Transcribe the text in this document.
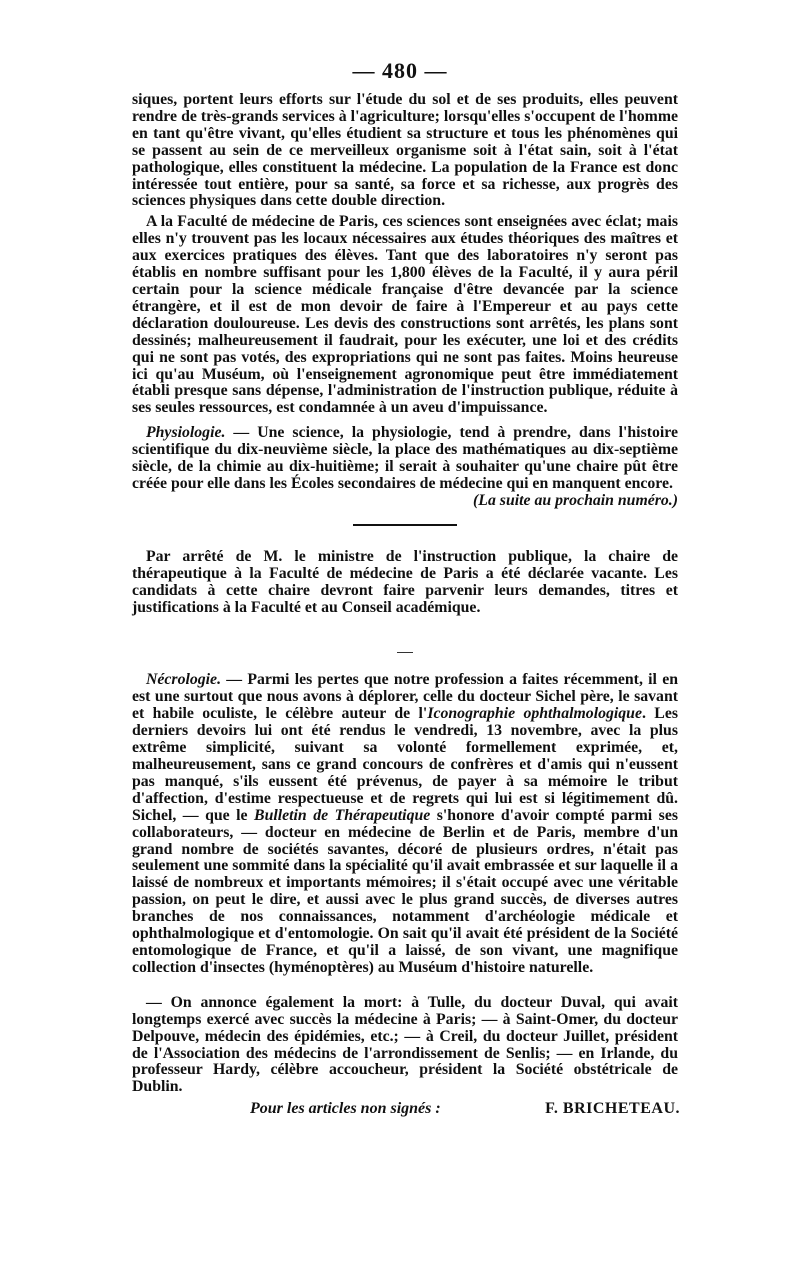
— 480 —

siques, portent leurs efforts sur l'étude du sol et de ses produits, elles peuvent rendre de très-grands services à l'agriculture; lorsqu'elles s'occupent de l'homme en tant qu'être vivant, qu'elles étudient sa structure et tous les phénomènes qui se passent au sein de ce merveilleux organisme soit à l'état sain, soit à l'état pathologique, elles constituent la médecine. La population de la France est donc intéressée tout entière, pour sa santé, sa force et sa richesse, aux progrès des sciences physiques dans cette double direction.

A la Faculté de médecine de Paris, ces sciences sont enseignées avec éclat; mais elles n'y trouvent pas les locaux nécessaires aux études théoriques des maîtres et aux exercices pratiques des élèves. Tant que des laboratoires n'y seront pas établis en nombre suffisant pour les 1,800 élèves de la Faculté, il y aura péril certain pour la science médicale française d'être devancée par la science étrangère, et il est de mon devoir de faire à l'Empereur et au pays cette déclaration douloureuse. Les devis des constructions sont arrêtés, les plans sont dessinés; malheureusement il faudrait, pour les exécuter, une loi et des crédits qui ne sont pas votés, des expropriations qui ne sont pas faites. Moins heureuse ici qu'au Muséum, où l'enseignement agronomique peut être immédiatement établi presque sans dépense, l'administration de l'instruction publique, réduite à ses seules ressources, est condamnée à un aveu d'impuissance.

Physiologie. — Une science, la physiologie, tend à prendre, dans l'histoire scientifique du dix-neuvième siècle, la place des mathématiques au dix-septième siècle, de la chimie au dix-huitième; il serait à souhaiter qu'une chaire pût être créée pour elle dans les Écoles secondaires de médecine qui en manquent encore.
(La suite au prochain numéro.)

Par arrêté de M. le ministre de l'instruction publique, la chaire de thérapeutique à la Faculté de médecine de Paris a été déclarée vacante. Les candidats à cette chaire devront faire parvenir leurs demandes, titres et justifications à la Faculté et au Conseil académique.

Nécrologie. — Parmi les pertes que notre profession a faites récemment, il en est une surtout que nous avons à déplorer, celle du docteur Sichel père, le savant et habile oculiste, le célèbre auteur de l'Iconographie ophthalmologique. Les derniers devoirs lui ont été rendus le vendredi, 13 novembre, avec la plus extrême simplicité, suivant sa volonté formellement exprimée, et, malheureusement, sans ce grand concours de confrères et d'amis qui n'eussent pas manqué, s'ils eussent été prévenus, de payer à sa mémoire le tribut d'affection, d'estime respectueuse et de regrets qui lui est si légitimement dû. Sichel, — que le Bulletin de Thérapeutique s'honore d'avoir compté parmi ses collaborateurs, — docteur en médecine de Berlin et de Paris, membre d'un grand nombre de sociétés savantes, décoré de plusieurs ordres, n'était pas seulement une sommité dans la spécialité qu'il avait embrassée et sur laquelle il a laissé de nombreux et importants mémoires; il s'était occupé avec une véritable passion, on peut le dire, et aussi avec le plus grand succès, de diverses autres branches de nos connaissances, notamment d'archéologie médicale et ophthalmologique et d'entomologie. On sait qu'il avait été président de la Société entomologique de France, et qu'il a laissé, de son vivant, une magnifique collection d'insectes (hyménoptères) au Muséum d'histoire naturelle.

— On annonce également la mort: à Tulle, du docteur Duval, qui avait longtemps exercé avec succès la médecine à Paris; — à Saint-Omer, du docteur Delpouve, médecin des épidémies, etc.; — à Creil, du docteur Juillet, président de l'Association des médecins de l'arrondissement de Senlis; — en Irlande, du professeur Hardy, célèbre accoucheur, président la Société obstétricale de Dublin.

Pour les articles non signés :	F. BRICHETEAU.
